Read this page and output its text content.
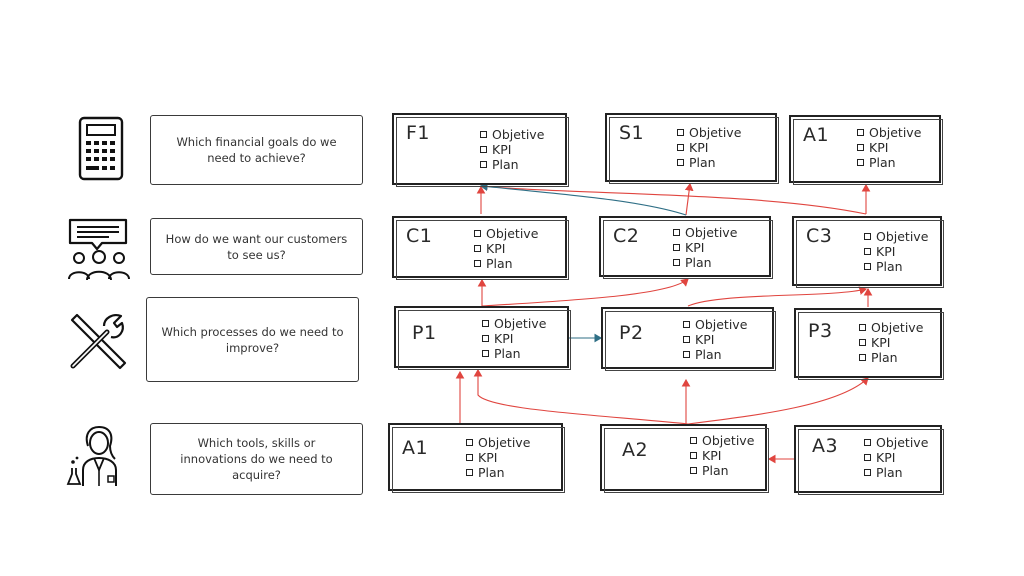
Which financial goals do we need to achieve?
How do we want our customers to see us?
Which processes do we need to improve?
Which tools, skills or innovations do we need to acquire?
F1	Objetive
KPI
Plan
S1	Objetive
KPI
Plan
A1	Objetive
KPI
Plan
C1	Objetive
KPI
Plan
C2	Objetive
KPI
Plan
C3	Objetive
KPI
Plan
P1	Objetive
KPI
Plan
P2	Objetive
KPI
Plan
P3	Objetive
KPI
Plan
A1	Objetive
KPI
Plan
A2	Objetive
KPI
Plan
A3	Objetive
KPI
Plan
